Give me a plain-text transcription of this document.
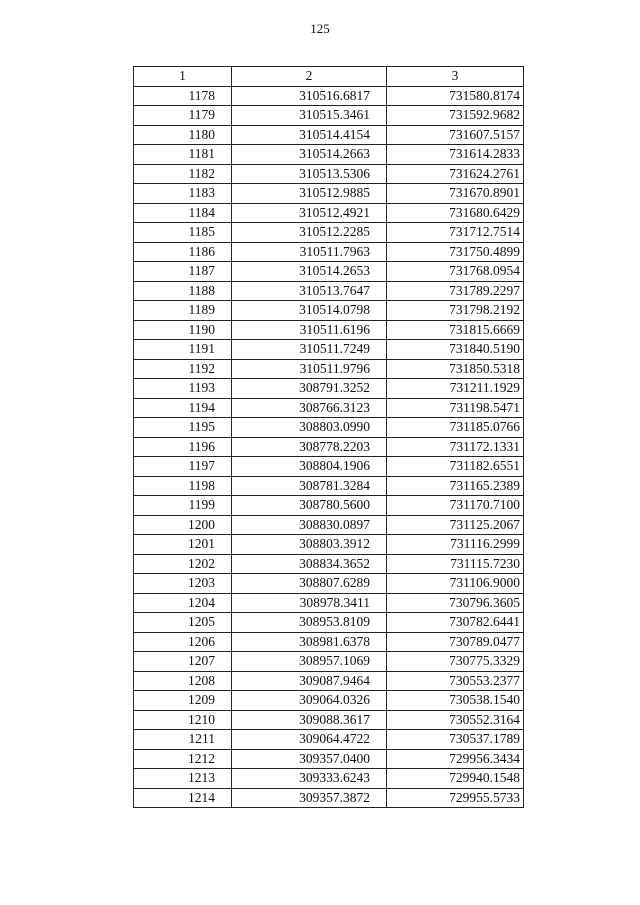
125
1	2	3
1178	310516.6817	731580.8174
1179	310515.3461	731592.9682
1180	310514.4154	731607.5157
1181	310514.2663	731614.2833
1182	310513.5306	731624.2761
1183	310512.9885	731670.8901
1184	310512.4921	731680.6429
1185	310512.2285	731712.7514
1186	310511.7963	731750.4899
1187	310514.2653	731768.0954
1188	310513.7647	731789.2297
1189	310514.0798	731798.2192
1190	310511.6196	731815.6669
1191	310511.7249	731840.5190
1192	310511.9796	731850.5318
1193	308791.3252	731211.1929
1194	308766.3123	731198.5471
1195	308803.0990	731185.0766
1196	308778.2203	731172.1331
1197	308804.1906	731182.6551
1198	308781.3284	731165.2389
1199	308780.5600	731170.7100
1200	308830.0897	731125.2067
1201	308803.3912	731116.2999
1202	308834.3652	731115.7230
1203	308807.6289	731106.9000
1204	308978.3411	730796.3605
1205	308953.8109	730782.6441
1206	308981.6378	730789.0477
1207	308957.1069	730775.3329
1208	309087.9464	730553.2377
1209	309064.0326	730538.1540
1210	309088.3617	730552.3164
1211	309064.4722	730537.1789
1212	309357.0400	729956.3434
1213	309333.6243	729940.1548
1214	309357.3872	729955.5733
